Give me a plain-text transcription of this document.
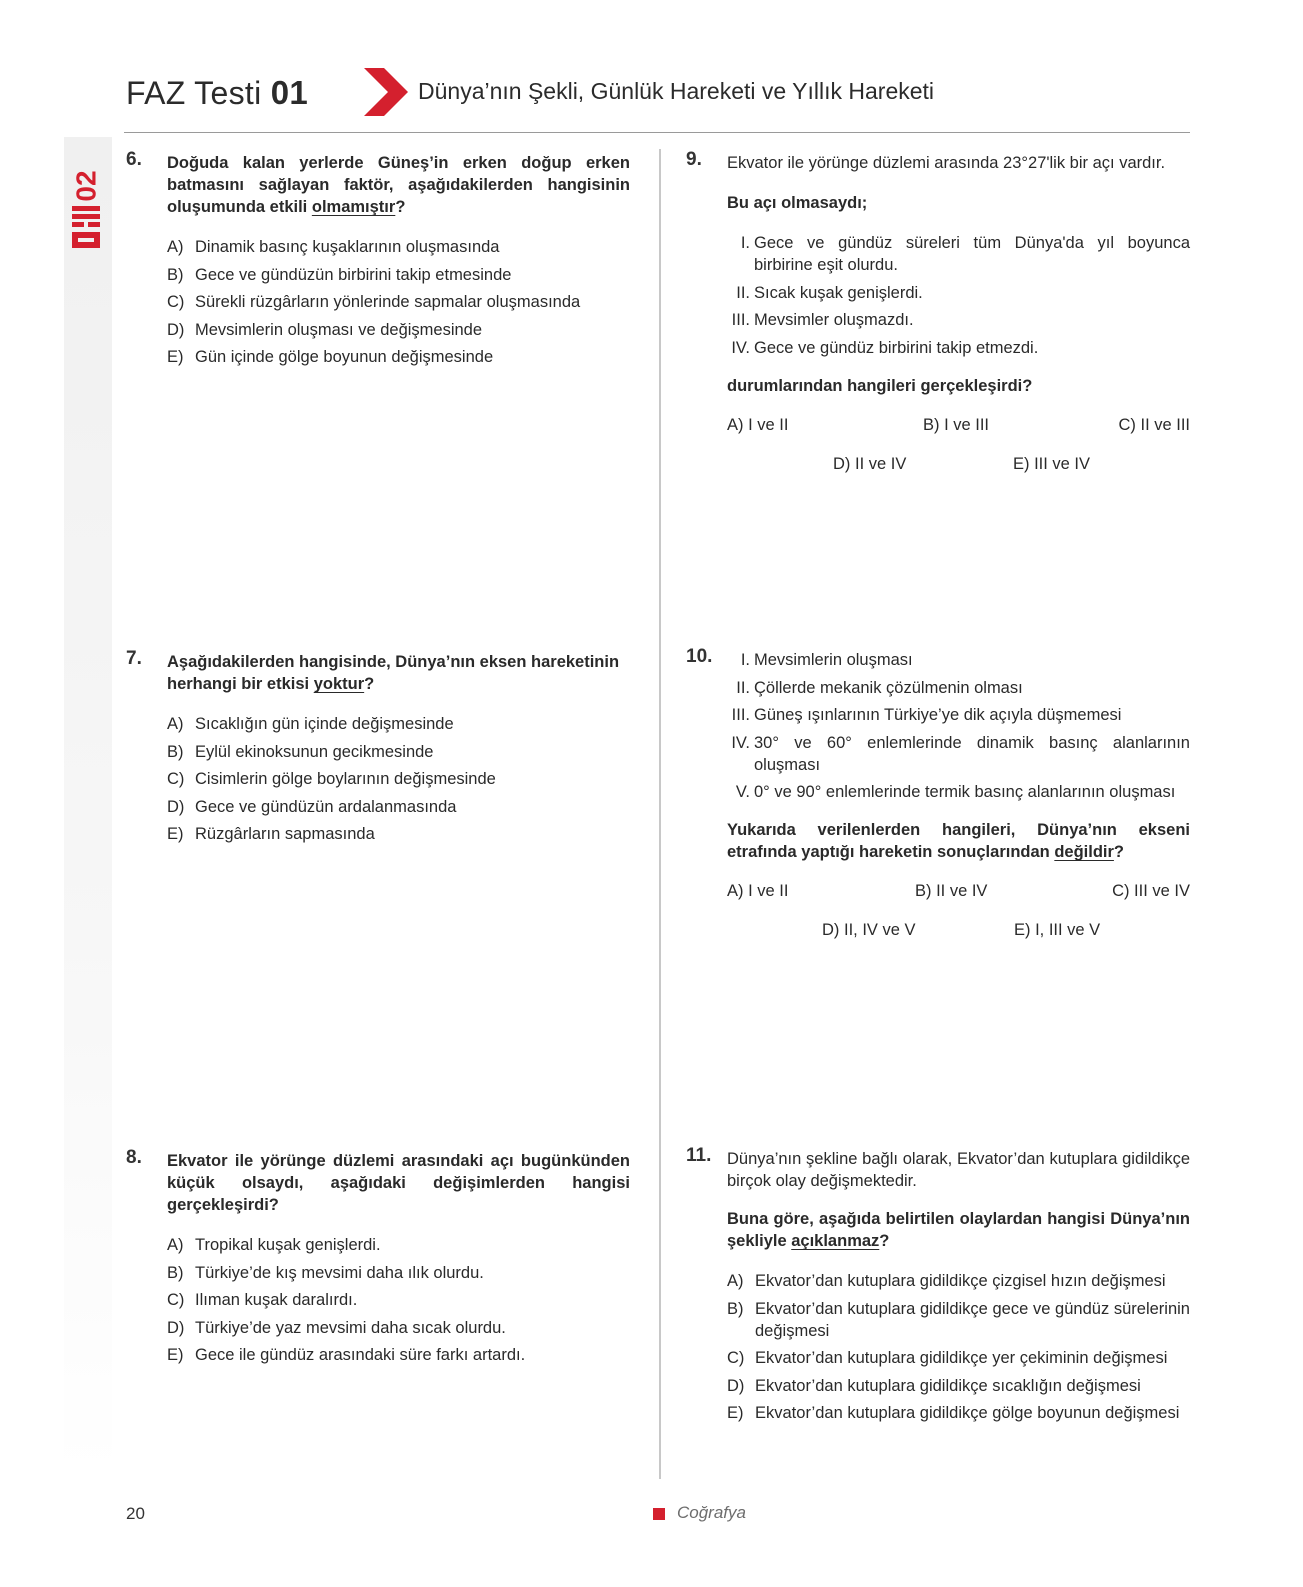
02
FAZ Testi 01	Dünya’nın Şekli, Günlük Hareketi ve Yıllık Hareketi
6. Doğuda kalan yerlerde Güneş’in erken doğup erken batmasını sağlayan faktör, aşağıdakilerden hangisinin oluşumunda etkili olmamıştır?
A) Dinamik basınç kuşaklarının oluşmasında
B) Gece ve gündüzün birbirini takip etmesinde
C) Sürekli rüzgârların yönlerinde sapmalar oluşmasında
D) Mevsimlerin oluşması ve değişmesinde
E) Gün içinde gölge boyunun değişmesinde
7. Aşağıdakilerden hangisinde, Dünya’nın eksen hareketinin herhangi bir etkisi yoktur?
A) Sıcaklığın gün içinde değişmesinde
B) Eylül ekinoksunun gecikmesinde
C) Cisimlerin gölge boylarının değişmesinde
D) Gece ve gündüzün ardalanmasında
E) Rüzgârların sapmasında
8. Ekvator ile yörünge düzlemi arasındaki açı bugünkünden küçük olsaydı, aşağıdaki değişimlerden hangisi gerçekleşirdi?
A) Tropikal kuşak genişlerdi.
B) Türkiye’de kış mevsimi daha ılık olurdu.
C) Ilıman kuşak daralırdı.
D) Türkiye’de yaz mevsimi daha sıcak olurdu.
E) Gece ile gündüz arasındaki süre farkı artardı.
9. Ekvator ile yörünge düzlemi arasında 23°27'lik bir açı vardır.
Bu açı olmasaydı;
I. Gece ve gündüz süreleri tüm Dünya'da yıl boyunca birbirine eşit olurdu.
II. Sıcak kuşak genişlerdi.
III. Mevsimler oluşmazdı.
IV. Gece ve gündüz birbirini takip etmezdi.
durumlarından hangileri gerçekleşirdi?
A) I ve II	B) I ve III	C) II ve III
D) II ve IV	E) III ve IV
10.	I. Mevsimlerin oluşması
II. Çöllerde mekanik çözülmenin olması
III. Güneş ışınlarının Türkiye’ye dik açıyla düşmemesi
IV. 30° ve 60° enlemlerinde dinamik basınç alanlarının oluşması
V. 0° ve 90° enlemlerinde termik basınç alanlarının oluşması
Yukarıda verilenlerden hangileri, Dünya’nın ekseni etrafında yaptığı hareketin sonuçlarından değildir?
A) I ve II	B) II ve IV	C) III ve IV
D) II, IV ve V	E) I, III ve V
11. Dünya’nın şekline bağlı olarak, Ekvator’dan kutuplara gidildikçe birçok olay değişmektedir.
Buna göre, aşağıda belirtilen olaylardan hangisi Dünya’nın şekliyle açıklanmaz?
A) Ekvator’dan kutuplara gidildikçe çizgisel hızın değişmesi
B) Ekvator’dan kutuplara gidildikçe gece ve gündüz sürelerinin değişmesi
C) Ekvator’dan kutuplara gidildikçe yer çekiminin değişmesi
D) Ekvator’dan kutuplara gidildikçe sıcaklığın değişmesi
E) Ekvator’dan kutuplara gidildikçe gölge boyunun değişmesi
20	Coğrafya
